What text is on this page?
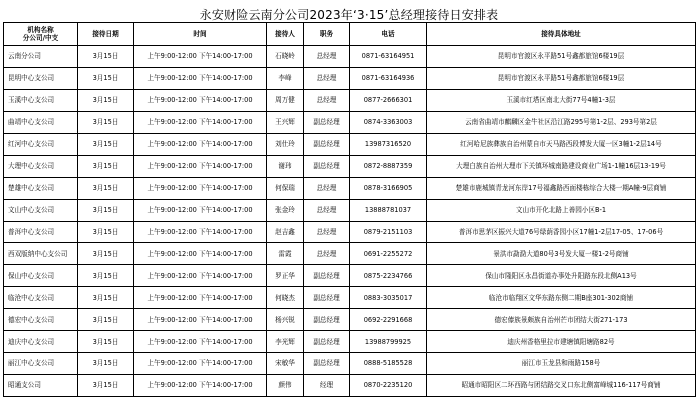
永安财险云南分公司2023年‘3·15’总经理接待日安排表
机构名称
分公司/中支	接待日期	时间	接待人	职务	电话	接待具体地址
云南分公司	3月15日	上午9:00-12:00 下午14:00-17:00	石晓岭	总经理	0871-63164951	昆明市官渡区永平路51号鑫都旅馆6楼19层
昆明中心支公司	3月15日	上午9:00-12:00 下午14:00-17:00	李峰	总经理	0871-63164936	昆明市官渡区永平路51号鑫都旅馆6楼19层
玉溪中心支公司	3月15日	上午9:00-12:00 下午14:00-17:00	周万健	总经理	0877-2666301	玉溪市红塔区南北大街77号4幢1-3层
曲靖中心支公司	3月15日	上午9:00-12:00 下午14:00-17:00	王兴辉	副总经理	0874-3363003	云南省曲靖市麒麟区金牛社区沿江路295号第1-2层、293号第2层
红河中心支公司	3月15日	上午9:00-12:00 下午14:00-17:00	刘仕玲	副总经理	13987316520	红河哈尼族彝族自治州蒙自市天马路西段博发大厦一区3幢1-2层14号
大理中心支公司	3月15日	上午9:00-12:00 下午14:00-17:00	谢玮	副总经理	0872-8887359	大理白族自治州大理市下关镇环城南路建设商业广场1-1幢16层13-19号
楚雄中心支公司	3月15日	上午9:00-12:00 下午14:00-17:00	何保瑞	总经理	0878-3166905	楚雄市鹿城镇青龙河东岸17号福鑫路西面楼栋综合大楼一期A幢-9层商铺
文山中心支公司	3月15日	上午9:00-12:00 下午14:00-17:00	张金玲	总经理	13888781037	文山市开化北路上善园小区B-1
普洱中心支公司	3月15日	上午9:00-12:00 下午14:00-17:00	赵吉鑫	总经理	0879-2151103	普洱市思茅区振兴大道76号绿荫香园小区17幢1-2层17-05、17-06号
西双版纳中心支公司	3月15日	上午9:00-12:00 下午14:00-17:00	雷霞	总经理	0691-2255272	景洪市勐泐大道80号3号发大厦一楼1-2号商铺
保山中心支公司	3月15日	上午9:00-12:00 下午14:00-17:00	罗正华	副总经理	0875-2234766	保山市隆阳区永昌街道办事处升阳路东段北侧A13号
临沧中心支公司	3月15日	上午9:00-12:00 下午14:00-17:00	何晓杰	副总经理	0883-3035017	临沧市临翔区文华东路东侧二期B座301-302商铺
德宏中心支公司	3月15日	上午9:00-12:00 下午14:00-17:00	杨兴锐	副总经理	0692-2291668	德宏傣族景颇族自治州芒市团结大街271-173
迪庆中心支公司	3月15日	上午9:00-12:00 下午14:00-17:00	李光辉	副总经理	13988799925	迪庆州香格里拉市建塘镇阳塘路82号
丽江中心支公司	3月15日	上午9:00-12:00 下午14:00-17:00	宋敏华	副总经理	0888-5185528	丽江市玉龙县和雨路158号
昭通支公司	3月15日	上午9:00-12:00 下午14:00-17:00	颜伟	经理	0870-2235120	昭通市昭阳区二环西路与团结路交叉口东北侧富峰城116-117号商铺
